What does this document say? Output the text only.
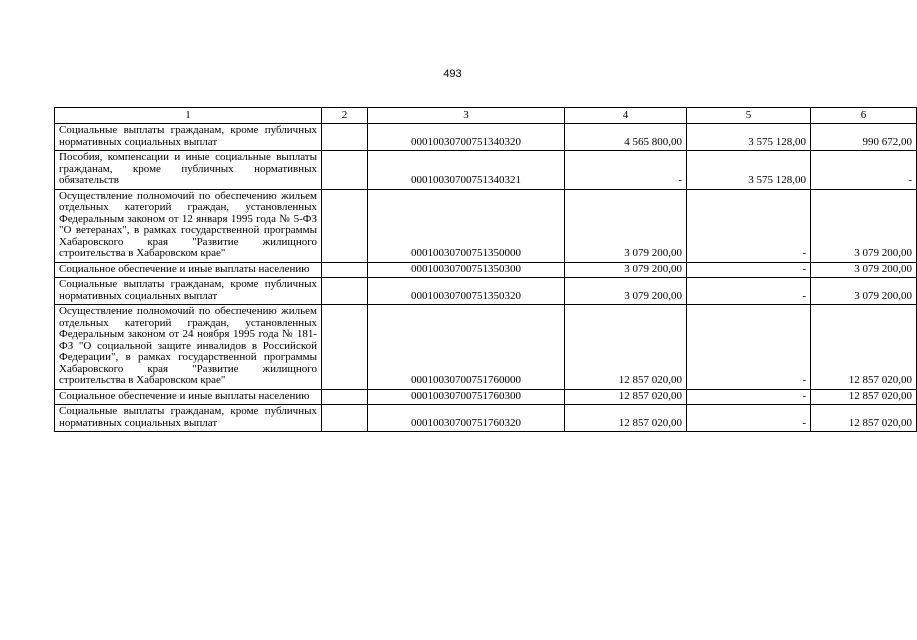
493
1	2	3	4	5	6
Социальные выплаты гражданам, кроме публичных нормативных социальных выплат		00010030700751340320	4 565 800,00	3 575 128,00	990 672,00
Пособия, компенсации и иные социальные выплаты гражданам, кроме публичных нормативных обязательств		00010030700751340321	-	3 575 128,00	-
Осуществление полномочий по обеспечению жильем отдельных категорий граждан, установленных Федеральным законом от 12 января 1995 года № 5-ФЗ "О ветеранах", в рамках государственной программы Хабаровского края "Развитие жилищного строительства в Хабаровском крае"		00010030700751350000	3 079 200,00	-	3 079 200,00
Социальное обеспечение и иные выплаты населению		00010030700751350300	3 079 200,00	-	3 079 200,00
Социальные выплаты гражданам, кроме публичных нормативных социальных выплат		00010030700751350320	3 079 200,00	-	3 079 200,00
Осуществление полномочий по обеспечению жильем отдельных категорий граждан, установленных Федеральным законом от 24 ноября 1995 года № 181-ФЗ "О социальной защите инвалидов в Российской Федерации", в рамках государственной программы Хабаровского края "Развитие жилищного строительства в Хабаровском крае"		00010030700751760000	12 857 020,00	-	12 857 020,00
Социальное обеспечение и иные выплаты населению		00010030700751760300	12 857 020,00	-	12 857 020,00
Социальные выплаты гражданам, кроме публичных нормативных социальных выплат		00010030700751760320	12 857 020,00	-	12 857 020,00
